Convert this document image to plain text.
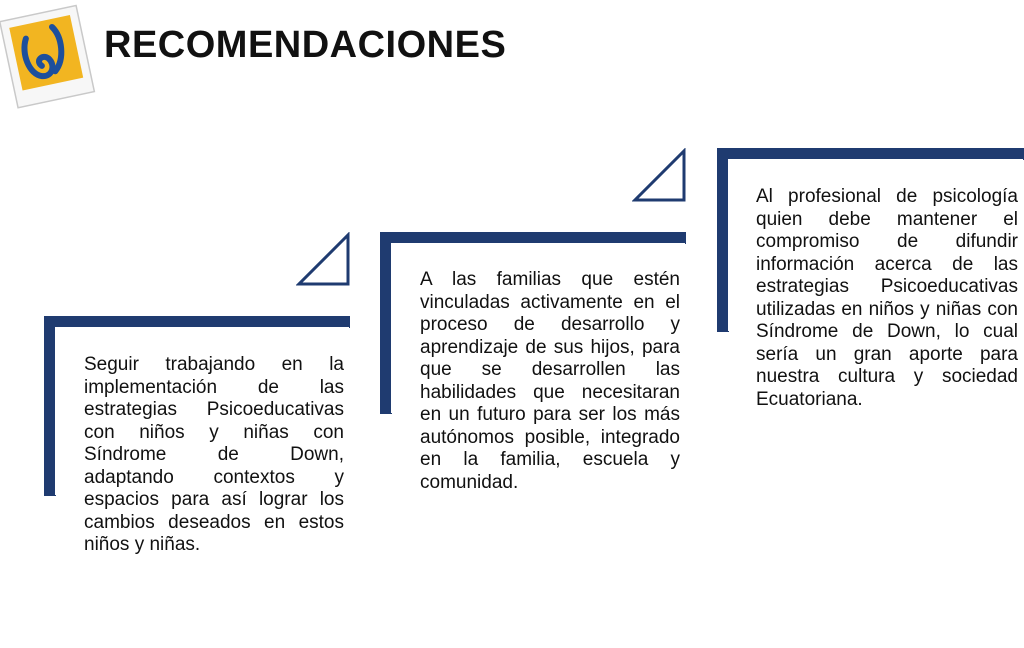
RECOMENDACIONES

Seguir trabajando en la implementación de las estrategias Psicoeducativas con niños y niñas con Síndrome de Down, adaptando contextos y espacios para así lograr los cambios deseados en estos niños y niñas.

A las familias que estén vinculadas activamente en el proceso de desarrollo y aprendizaje de sus hijos, para que se desarrollen las habilidades que necesitaran en un futuro para ser los más autónomos posible, integrado en la familia, escuela y comunidad.

Al profesional de psicología quien debe mantener el compromiso de difundir información acerca de las estrategias Psicoeducativas utilizadas en niños y niñas con Síndrome de Down, lo cual sería un gran aporte para nuestra cultura y sociedad Ecuatoriana.
